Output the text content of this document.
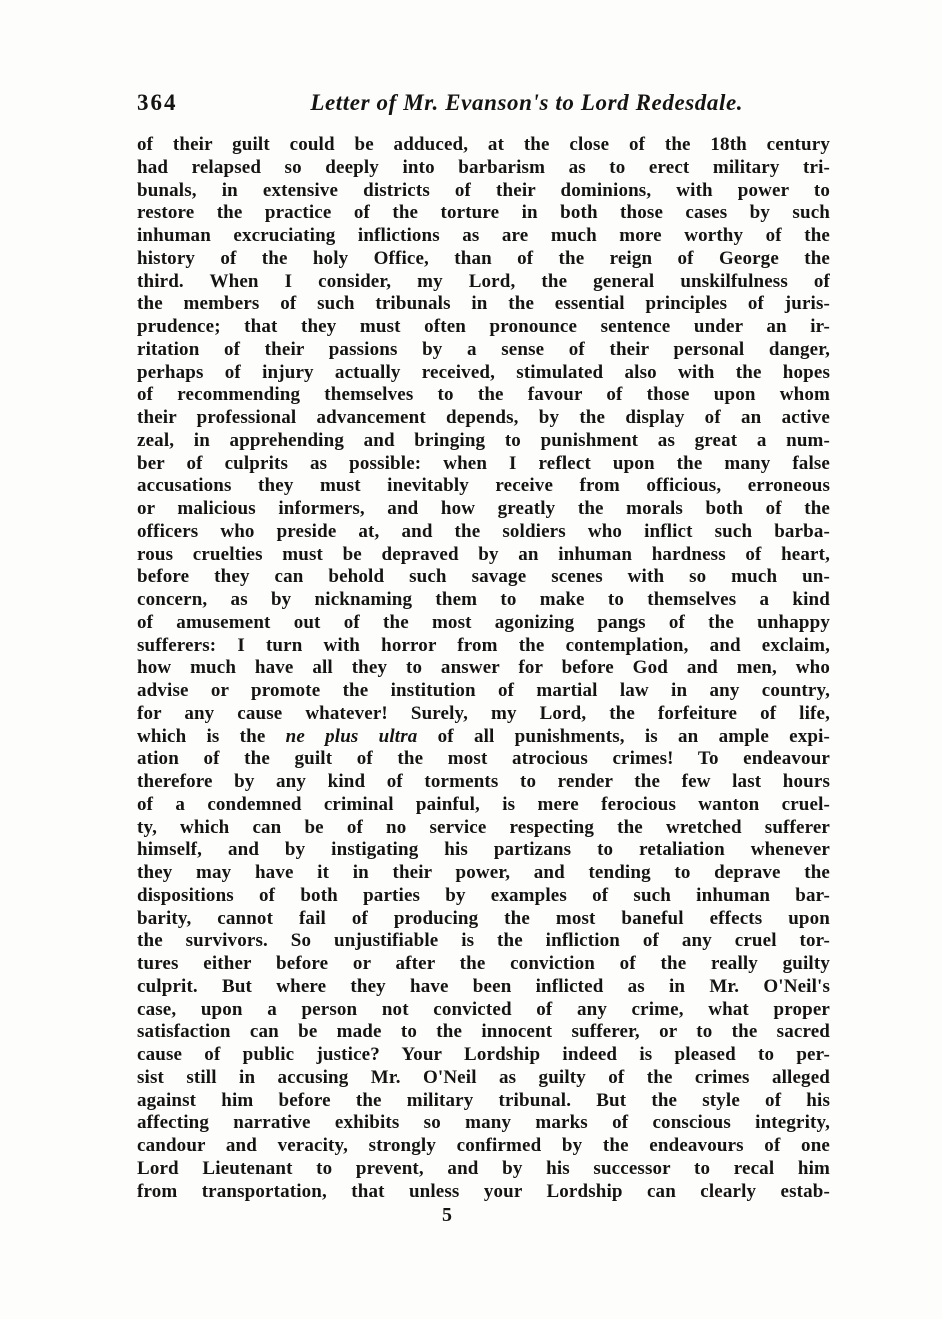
364	Letter of Mr. Evanson's to Lord Redesdale.
of their guilt could be adduced, at the close of the 18th century
had relapsed so deeply into barbarism as to erect military tri-
bunals, in extensive districts of their dominions, with power to
restore the practice of the torture in both those cases by such
inhuman excruciating inflictions as are much more worthy of the
history of the holy Office, than of the reign of George the
third. When I consider, my Lord, the general unskilfulness of
the members of such tribunals in the essential principles of juris-
prudence; that they must often pronounce sentence under an ir-
ritation of their passions by a sense of their personal danger,
perhaps of injury actually received, stimulated also with the hopes
of recommending themselves to the favour of those upon whom
their professional advancement depends, by the display of an active
zeal, in apprehending and bringing to punishment as great a num-
ber of culprits as possible: when I reflect upon the many false
accusations they must inevitably receive from officious, erroneous
or malicious informers, and how greatly the morals both of the
officers who preside at, and the soldiers who inflict such barba-
rous cruelties must be depraved by an inhuman hardness of heart,
before they can behold such savage scenes with so much un-
concern, as by nicknaming them to make to themselves a kind
of amusement out of the most agonizing pangs of the unhappy
sufferers: I turn with horror from the contemplation, and exclaim,
how much have all they to answer for before God and men, who
advise or promote the institution of martial law in any country,
for any cause whatever! Surely, my Lord, the forfeiture of life,
which is the ne plus ultra of all punishments, is an ample expi-
ation of the guilt of the most atrocious crimes! To endeavour
therefore by any kind of torments to render the few last hours
of a condemned criminal painful, is mere ferocious wanton cruel-
ty, which can be of no service respecting the wretched sufferer
himself, and by instigating his partizans to retaliation whenever
they may have it in their power, and tending to deprave the
dispositions of both parties by examples of such inhuman bar-
barity, cannot fail of producing the most baneful effects upon
the survivors. So unjustifiable is the infliction of any cruel tor-
tures either before or after the conviction of the really guilty
culprit. But where they have been inflicted as in Mr. O'Neil's
case, upon a person not convicted of any crime, what proper
satisfaction can be made to the innocent sufferer, or to the sacred
cause of public justice? Your Lordship indeed is pleased to per-
sist still in accusing Mr. O'Neil as guilty of the crimes alleged
against him before the military tribunal. But the style of his
affecting narrative exhibits so many marks of conscious integrity,
candour and veracity, strongly confirmed by the endeavours of one
Lord Lieutenant to prevent, and by his successor to recal him
from transportation, that unless your Lordship can clearly estab-
5
